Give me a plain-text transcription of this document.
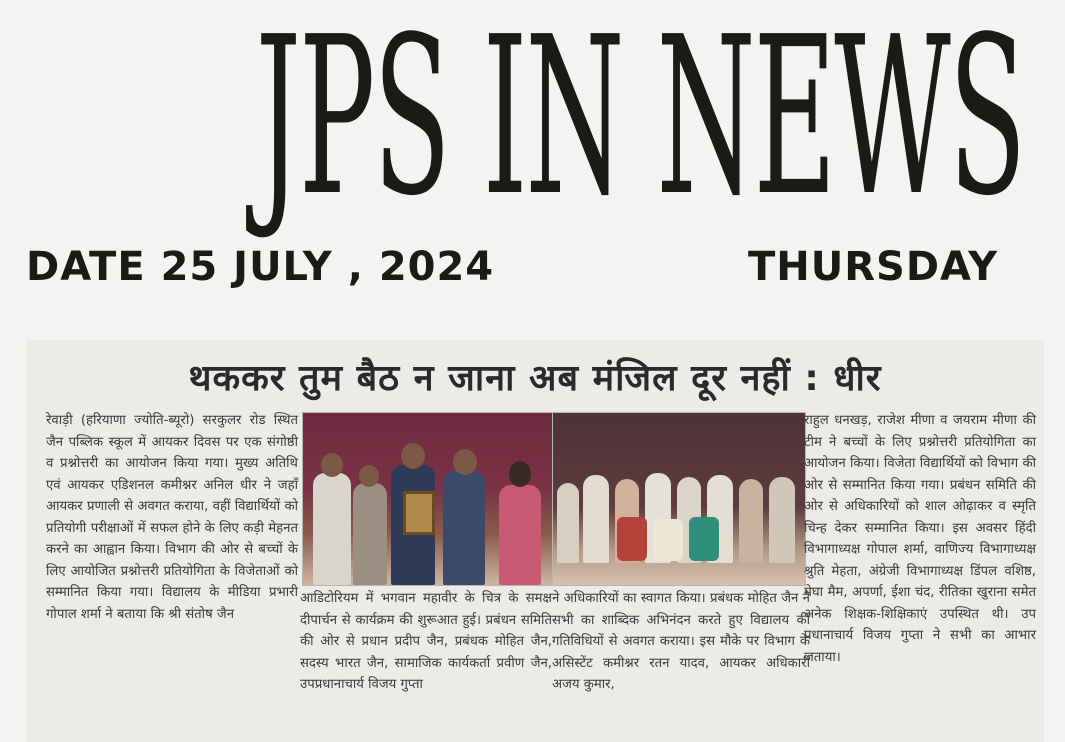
JPS IN NEWS
DATE 25 JULY , 2024	THURSDAY
थककर तुम बैठ न जाना अब मंजिल दूर नहीं : धीर
रेवाड़ी (हरियाणा ज्योति-ब्यूरो) सरकुलर रोड स्थित जैन पब्लिक स्कूल में आयकर दिवस पर एक संगोष्ठी व प्रश्नोत्तरी का आयोजन किया गया। मुख्य अतिथि एवं आयकर एडिशनल कमीश्नर अनिल धीर ने जहाँ आयकर प्रणाली से अवगत कराया, वहीं विद्यार्थियों को प्रतियोगी परीक्षाओं में सफल होने के लिए कड़ी मेहनत करने का आह्वान किया। विभाग की ओर से बच्चों के लिए आयोजित प्रश्नोत्तरी प्रतियोगिता के विजेताओं को सम्मानित किया गया। विद्यालय के मीडिया प्रभारी गोपाल शर्मा ने बताया कि श्री संतोष जैन
आडिटोरियम में भगवान महावीर के चित्र के समक्ष दीपार्चन से कार्यक्रम की शुरूआत हुई। प्रबंधन समिति की ओर से प्रधान प्रदीप जैन, प्रबंधक मोहित जैन, सदस्य भारत जैन, सामाजिक कार्यकर्ता प्रवीण जैन, उपप्रधानाचार्य विजय गुप्ता
ने अधिकारियों का स्वागत किया। प्रबंधक मोहित जैन ने सभी का शाब्दिक अभिनंदन करते हुए विद्यालय की गतिविधियों से अवगत कराया। इस मौके पर विभाग के असिस्टेंट कमीश्नर रतन यादव, आयकर अधिकारी अजय कुमार,
राहुल धनखड़, राजेश मीणा व जयराम मीणा की टीम ने बच्चों के लिए प्रश्नोत्तरी प्रतियोगिता का आयोजन किया। विजेता विद्यार्थियों को विभाग की ओर से सम्मानित किया गया। प्रबंधन समिति की ओर से अधिकारियों को शाल ओढ़ाकर व स्मृति चिन्ह देकर सम्मानित किया। इस अवसर हिंदी विभागाध्यक्ष गोपाल शर्मा, वाणिज्य विभागाध्यक्ष श्रुति मेहता, अंग्रेजी विभागाध्यक्ष डिंपल वशिष्ठ, मेघा मैम, अपर्णा, ईशा चंद, रीतिका खुराना समेत अनेक शिक्षक-शिक्षिकाएं उपस्थित थी। उप प्रधानाचार्य विजय गुप्ता ने सभी का आभार जताया।
